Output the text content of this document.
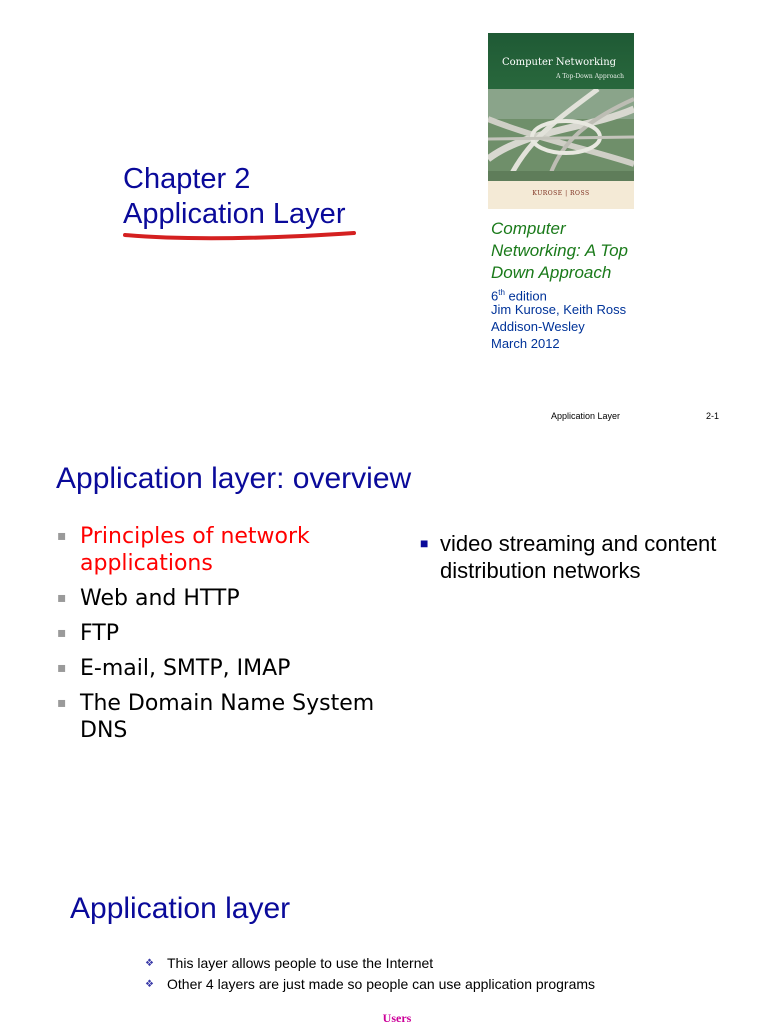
Chapter 2
Application Layer
Computer Networking
A Top-Down Approach
KUROSE | ROSS
Computer
Networking: A Top
Down Approach
6th edition
Jim Kurose, Keith Ross
Addison-Wesley
March 2012
Application Layer	2-1
Application layer: overview
▪ Principles of network applications
▪ Web and HTTP
▪ FTP
▪ E-mail, SMTP, IMAP
▪ The Domain Name System DNS
■ video streaming and content distribution networks
Application layer
❖ This layer allows people to use the Internet
❖ Other 4 layers are just made so people can use application programs
Users
